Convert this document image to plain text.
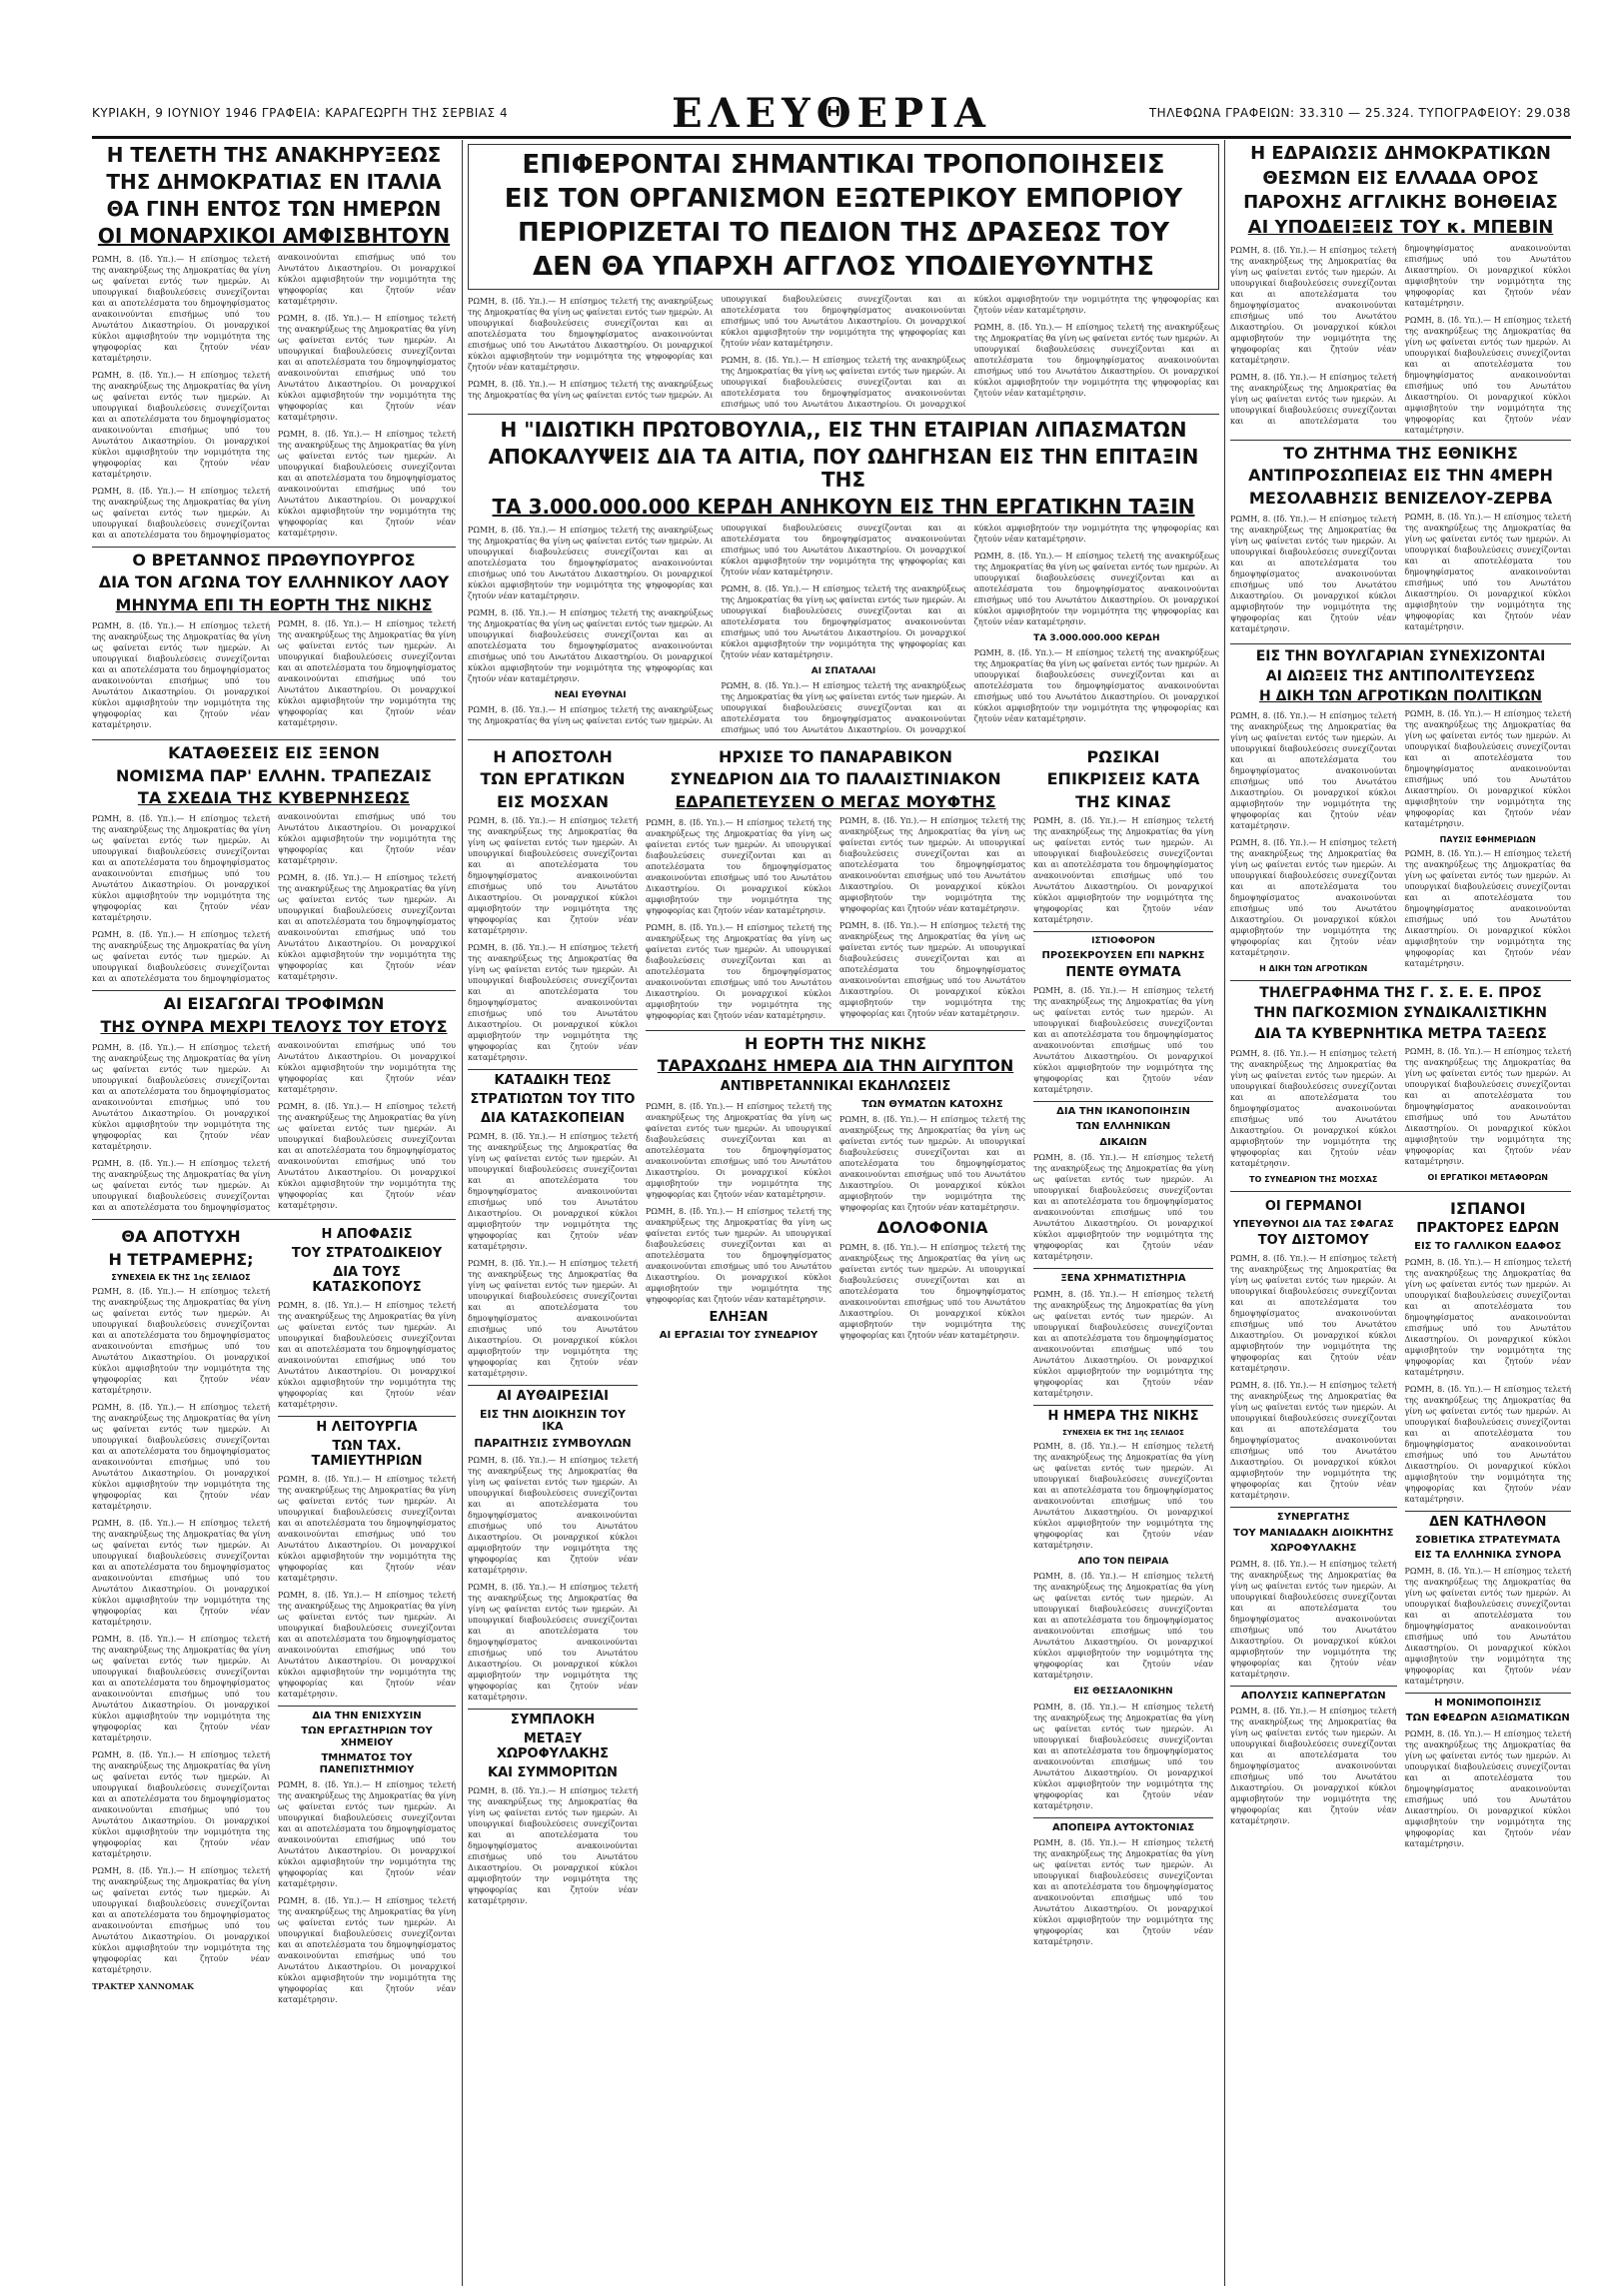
ΚΥΡΙΑΚΗ, 9 ΙΟΥΝΙΟΥ 1946 ΓΡΑΦΕΙΑ: ΚΑΡΑΓΕΩΡΓΗ ΤΗΣ ΣΕΡΒΙΑΣ 4	ΕΛΕΥΘΕΡΙΑ	ΤΗΛΕΦΩΝΑ ΓΡΑΦΕΙΩΝ: 33.310 — 25.324. ΤΥΠΟΓΡΑΦΕΙΟΥ: 29.038
Η ΤΕΛΕΤΗ ΤΗΣ ΑΝΑΚΗΡΥΞΕΩΣ
ΤΗΣ ΔΗΜΟΚΡΑΤΙΑΣ ΕΝ ΙΤΑΛΙΑ
ΘΑ ΓΙΝΗ ΕΝΤΟΣ ΤΩΝ ΗΜΕΡΩΝ
ΟΙ ΜΟΝΑΡΧΙΚΟΙ ΑΜΦΙΣΒΗΤΟΥΝ

ΡΩΜΗ, 8. (Ιδ. Υπ.).— Η επίσημος τελετή της ανακηρύξεως της Δημοκρατίας θα γίνη ως φαίνεται εντός των ημερών. Αι υπουργικαί διαβουλεύσεις συνεχίζονται και αι αποτελέσματα του δημοψηφίσματος ανακοινούνται επισήμως υπό του Ανωτάτου Δικαστηρίου. Οι μοναρχικοί κύκλοι αμφισβητούν την νομιμότητα της ψηφοφορίας και ζητούν νέαν καταμέτρησιν.

ΡΩΜΗ, 8. (Ιδ. Υπ.).— Η επίσημος τελετή της ανακηρύξεως της Δημοκρατίας θα γίνη ως φαίνεται εντός των ημερών. Αι υπουργικαί διαβουλεύσεις συνεχίζονται και αι αποτελέσματα του δημοψηφίσματος ανακοινούνται επισήμως υπό του Ανωτάτου Δικαστηρίου. Οι μοναρχικοί κύκλοι αμφισβητούν την νομιμότητα της ψηφοφορίας και ζητούν νέαν καταμέτρησιν.

ΡΩΜΗ, 8. (Ιδ. Υπ.).— Η επίσημος τελετή της ανακηρύξεως της Δημοκρατίας θα γίνη ως φαίνεται εντός των ημερών. Αι υπουργικαί διαβουλεύσεις συνεχίζονται και αι αποτελέσματα του δημοψηφίσματος ανακοινούνται επισήμως υπό του Ανωτάτου Δικαστηρίου. Οι μοναρχικοί κύκλοι αμφισβητούν την νομιμότητα της ψηφοφορίας και ζητούν νέαν καταμέτρησιν.

ΡΩΜΗ, 8. (Ιδ. Υπ.).— Η επίσημος τελετή της ανακηρύξεως της Δημοκρατίας θα γίνη ως φαίνεται εντός των ημερών. Αι υπουργικαί διαβουλεύσεις συνεχίζονται και αι αποτελέσματα του δημοψηφίσματος ανακοινούνται επισήμως υπό του Ανωτάτου Δικαστηρίου. Οι μοναρχικοί κύκλοι αμφισβητούν την νομιμότητα της ψηφοφορίας και ζητούν νέαν καταμέτρησιν.

ΡΩΜΗ, 8. (Ιδ. Υπ.).— Η επίσημος τελετή της ανακηρύξεως της Δημοκρατίας θα γίνη ως φαίνεται εντός των ημερών. Αι υπουργικαί διαβουλεύσεις συνεχίζονται και αι αποτελέσματα του δημοψηφίσματος ανακοινούνται επισήμως υπό του Ανωτάτου Δικαστηρίου. Οι μοναρχικοί κύκλοι αμφισβητούν την νομιμότητα της ψηφοφορίας και ζητούν νέαν καταμέτρησιν.

Ο ΒΡΕΤΑΝΝΟΣ ΠΡΩΘΥΠΟΥΡΓΟΣ
ΔΙΑ ΤΟΝ ΑΓΩΝΑ ΤΟΥ ΕΛΛΗΝΙΚΟΥ ΛΑΟΥ
ΜΗΝΥΜΑ ΕΠΙ ΤΗ ΕΟΡΤΗ ΤΗΣ ΝΙΚΗΣ

ΡΩΜΗ, 8. (Ιδ. Υπ.).— Η επίσημος τελετή της ανακηρύξεως της Δημοκρατίας θα γίνη ως φαίνεται εντός των ημερών. Αι υπουργικαί διαβουλεύσεις συνεχίζονται και αι αποτελέσματα του δημοψηφίσματος ανακοινούνται επισήμως υπό του Ανωτάτου Δικαστηρίου. Οι μοναρχικοί κύκλοι αμφισβητούν την νομιμότητα της ψηφοφορίας και ζητούν νέαν καταμέτρησιν.

ΡΩΜΗ, 8. (Ιδ. Υπ.).— Η επίσημος τελετή της ανακηρύξεως της Δημοκρατίας θα γίνη ως φαίνεται εντός των ημερών. Αι υπουργικαί διαβουλεύσεις συνεχίζονται και αι αποτελέσματα του δημοψηφίσματος ανακοινούνται επισήμως υπό του Ανωτάτου Δικαστηρίου. Οι μοναρχικοί κύκλοι αμφισβητούν την νομιμότητα της ψηφοφορίας και ζητούν νέαν καταμέτρησιν.

ΚΑΤΑΘΕΣΕΙΣ ΕΙΣ ΞΕΝΟΝ
ΝΟΜΙΣΜΑ ΠΑΡ' ΕΛΛΗΝ. ΤΡΑΠΕΖΑΙΣ
ΤΑ ΣΧΕΔΙΑ ΤΗΣ ΚΥΒΕΡΝΗΣΕΩΣ

ΡΩΜΗ, 8. (Ιδ. Υπ.).— Η επίσημος τελετή της ανακηρύξεως της Δημοκρατίας θα γίνη ως φαίνεται εντός των ημερών. Αι υπουργικαί διαβουλεύσεις συνεχίζονται και αι αποτελέσματα του δημοψηφίσματος ανακοινούνται επισήμως υπό του Ανωτάτου Δικαστηρίου. Οι μοναρχικοί κύκλοι αμφισβητούν την νομιμότητα της ψηφοφορίας και ζητούν νέαν καταμέτρησιν.

ΡΩΜΗ, 8. (Ιδ. Υπ.).— Η επίσημος τελετή της ανακηρύξεως της Δημοκρατίας θα γίνη ως φαίνεται εντός των ημερών. Αι υπουργικαί διαβουλεύσεις συνεχίζονται και αι αποτελέσματα του δημοψηφίσματος ανακοινούνται επισήμως υπό του Ανωτάτου Δικαστηρίου. Οι μοναρχικοί κύκλοι αμφισβητούν την νομιμότητα της ψηφοφορίας και ζητούν νέαν καταμέτρησιν.

ΡΩΜΗ, 8. (Ιδ. Υπ.).— Η επίσημος τελετή της ανακηρύξεως της Δημοκρατίας θα γίνη ως φαίνεται εντός των ημερών. Αι υπουργικαί διαβουλεύσεις συνεχίζονται και αι αποτελέσματα του δημοψηφίσματος ανακοινούνται επισήμως υπό του Ανωτάτου Δικαστηρίου. Οι μοναρχικοί κύκλοι αμφισβητούν την νομιμότητα της ψηφοφορίας και ζητούν νέαν καταμέτρησιν.

ΑΙ ΕΙΣΑΓΩΓΑΙ ΤΡΟΦΙΜΩΝ
ΤΗΣ ΟΥΝΡΑ ΜΕΧΡΙ ΤΕΛΟΥΣ ΤΟΥ ΕΤΟΥΣ

ΡΩΜΗ, 8. (Ιδ. Υπ.).— Η επίσημος τελετή της ανακηρύξεως της Δημοκρατίας θα γίνη ως φαίνεται εντός των ημερών. Αι υπουργικαί διαβουλεύσεις συνεχίζονται και αι αποτελέσματα του δημοψηφίσματος ανακοινούνται επισήμως υπό του Ανωτάτου Δικαστηρίου. Οι μοναρχικοί κύκλοι αμφισβητούν την νομιμότητα της ψηφοφορίας και ζητούν νέαν καταμέτρησιν.

ΡΩΜΗ, 8. (Ιδ. Υπ.).— Η επίσημος τελετή της ανακηρύξεως της Δημοκρατίας θα γίνη ως φαίνεται εντός των ημερών. Αι υπουργικαί διαβουλεύσεις συνεχίζονται και αι αποτελέσματα του δημοψηφίσματος ανακοινούνται επισήμως υπό του Ανωτάτου Δικαστηρίου. Οι μοναρχικοί κύκλοι αμφισβητούν την νομιμότητα της ψηφοφορίας και ζητούν νέαν καταμέτρησιν.

ΡΩΜΗ, 8. (Ιδ. Υπ.).— Η επίσημος τελετή της ανακηρύξεως της Δημοκρατίας θα γίνη ως φαίνεται εντός των ημερών. Αι υπουργικαί διαβουλεύσεις συνεχίζονται και αι αποτελέσματα του δημοψηφίσματος ανακοινούνται επισήμως υπό του Ανωτάτου Δικαστηρίου. Οι μοναρχικοί κύκλοι αμφισβητούν την νομιμότητα της ψηφοφορίας και ζητούν νέαν καταμέτρησιν.

ΘΑ ΑΠΟΤΥΧΗ
Η ΤΕΤΡΑΜΕΡΗΣ;
ΣΥΝΕΧΕΙΑ ΕΚ ΤΗΣ 1ης ΣΕΛΙΔΟΣ

ΡΩΜΗ, 8. (Ιδ. Υπ.).— Η επίσημος τελετή της ανακηρύξεως της Δημοκρατίας θα γίνη ως φαίνεται εντός των ημερών. Αι υπουργικαί διαβουλεύσεις συνεχίζονται και αι αποτελέσματα του δημοψηφίσματος ανακοινούνται επισήμως υπό του Ανωτάτου Δικαστηρίου. Οι μοναρχικοί κύκλοι αμφισβητούν την νομιμότητα της ψηφοφορίας και ζητούν νέαν καταμέτρησιν.

ΡΩΜΗ, 8. (Ιδ. Υπ.).— Η επίσημος τελετή της ανακηρύξεως της Δημοκρατίας θα γίνη ως φαίνεται εντός των ημερών. Αι υπουργικαί διαβουλεύσεις συνεχίζονται και αι αποτελέσματα του δημοψηφίσματος ανακοινούνται επισήμως υπό του Ανωτάτου Δικαστηρίου. Οι μοναρχικοί κύκλοι αμφισβητούν την νομιμότητα της ψηφοφορίας και ζητούν νέαν καταμέτρησιν.

ΡΩΜΗ, 8. (Ιδ. Υπ.).— Η επίσημος τελετή της ανακηρύξεως της Δημοκρατίας θα γίνη ως φαίνεται εντός των ημερών. Αι υπουργικαί διαβουλεύσεις συνεχίζονται και αι αποτελέσματα του δημοψηφίσματος ανακοινούνται επισήμως υπό του Ανωτάτου Δικαστηρίου. Οι μοναρχικοί κύκλοι αμφισβητούν την νομιμότητα της ψηφοφορίας και ζητούν νέαν καταμέτρησιν.

ΡΩΜΗ, 8. (Ιδ. Υπ.).— Η επίσημος τελετή της ανακηρύξεως της Δημοκρατίας θα γίνη ως φαίνεται εντός των ημερών. Αι υπουργικαί διαβουλεύσεις συνεχίζονται και αι αποτελέσματα του δημοψηφίσματος ανακοινούνται επισήμως υπό του Ανωτάτου Δικαστηρίου. Οι μοναρχικοί κύκλοι αμφισβητούν την νομιμότητα της ψηφοφορίας και ζητούν νέαν καταμέτρησιν.

ΡΩΜΗ, 8. (Ιδ. Υπ.).— Η επίσημος τελετή της ανακηρύξεως της Δημοκρατίας θα γίνη ως φαίνεται εντός των ημερών. Αι υπουργικαί διαβουλεύσεις συνεχίζονται και αι αποτελέσματα του δημοψηφίσματος ανακοινούνται επισήμως υπό του Ανωτάτου Δικαστηρίου. Οι μοναρχικοί κύκλοι αμφισβητούν την νομιμότητα της ψηφοφορίας και ζητούν νέαν καταμέτρησιν.

ΡΩΜΗ, 8. (Ιδ. Υπ.).— Η επίσημος τελετή της ανακηρύξεως της Δημοκρατίας θα γίνη ως φαίνεται εντός των ημερών. Αι υπουργικαί διαβουλεύσεις συνεχίζονται και αι αποτελέσματα του δημοψηφίσματος ανακοινούνται επισήμως υπό του Ανωτάτου Δικαστηρίου. Οι μοναρχικοί κύκλοι αμφισβητούν την νομιμότητα της ψηφοφορίας και ζητούν νέαν καταμέτρησιν.

ΤΡΑΚΤΕΡ ΧΑΝΝΟΜΑΚ
Η ΑΠΟΦΑΣΙΣ
ΤΟΥ ΣΤΡΑΤΟΔΙΚΕΙΟΥ
ΔΙΑ ΤΟΥΣ ΚΑΤΑΣΚΟΠΟΥΣ

ΡΩΜΗ, 8. (Ιδ. Υπ.).— Η επίσημος τελετή της ανακηρύξεως της Δημοκρατίας θα γίνη ως φαίνεται εντός των ημερών. Αι υπουργικαί διαβουλεύσεις συνεχίζονται και αι αποτελέσματα του δημοψηφίσματος ανακοινούνται επισήμως υπό του Ανωτάτου Δικαστηρίου. Οι μοναρχικοί κύκλοι αμφισβητούν την νομιμότητα της ψηφοφορίας και ζητούν νέαν καταμέτρησιν.

Η ΛΕΙΤΟΥΡΓΙΑ
ΤΩΝ ΤΑΧ. ΤΑΜΙΕΥΤΗΡΙΩΝ

ΡΩΜΗ, 8. (Ιδ. Υπ.).— Η επίσημος τελετή της ανακηρύξεως της Δημοκρατίας θα γίνη ως φαίνεται εντός των ημερών. Αι υπουργικαί διαβουλεύσεις συνεχίζονται και αι αποτελέσματα του δημοψηφίσματος ανακοινούνται επισήμως υπό του Ανωτάτου Δικαστηρίου. Οι μοναρχικοί κύκλοι αμφισβητούν την νομιμότητα της ψηφοφορίας και ζητούν νέαν καταμέτρησιν.

ΡΩΜΗ, 8. (Ιδ. Υπ.).— Η επίσημος τελετή της ανακηρύξεως της Δημοκρατίας θα γίνη ως φαίνεται εντός των ημερών. Αι υπουργικαί διαβουλεύσεις συνεχίζονται και αι αποτελέσματα του δημοψηφίσματος ανακοινούνται επισήμως υπό του Ανωτάτου Δικαστηρίου. Οι μοναρχικοί κύκλοι αμφισβητούν την νομιμότητα της ψηφοφορίας και ζητούν νέαν καταμέτρησιν.

ΔΙΑ ΤΗΝ ΕΝΙΣΧΥΣΙΝ
ΤΩΝ ΕΡΓΑΣΤΗΡΙΩΝ ΤΟΥ ΧΗΜΕΙΟΥ
ΤΜΗΜΑΤΟΣ ΤΟΥ ΠΑΝΕΠΙΣΤΗΜΙΟΥ

ΡΩΜΗ, 8. (Ιδ. Υπ.).— Η επίσημος τελετή της ανακηρύξεως της Δημοκρατίας θα γίνη ως φαίνεται εντός των ημερών. Αι υπουργικαί διαβουλεύσεις συνεχίζονται και αι αποτελέσματα του δημοψηφίσματος ανακοινούνται επισήμως υπό του Ανωτάτου Δικαστηρίου. Οι μοναρχικοί κύκλοι αμφισβητούν την νομιμότητα της ψηφοφορίας και ζητούν νέαν καταμέτρησιν.

ΡΩΜΗ, 8. (Ιδ. Υπ.).— Η επίσημος τελετή της ανακηρύξεως της Δημοκρατίας θα γίνη ως φαίνεται εντός των ημερών. Αι υπουργικαί διαβουλεύσεις συνεχίζονται και αι αποτελέσματα του δημοψηφίσματος ανακοινούνται επισήμως υπό του Ανωτάτου Δικαστηρίου. Οι μοναρχικοί κύκλοι αμφισβητούν την νομιμότητα της ψηφοφορίας και ζητούν νέαν καταμέτρησιν.

ΕΠΙΦΕΡΟΝΤΑΙ ΣΗΜΑΝΤΙΚΑΙ ΤΡΟΠΟΠΟΙΗΣΕΙΣ
ΕΙΣ ΤΟΝ ΟΡΓΑΝΙΣΜΟΝ ΕΞΩΤΕΡΙΚΟΥ ΕΜΠΟΡΙΟΥ
ΠΕΡΙΟΡΙΖΕΤΑΙ ΤΟ ΠΕΔΙΟΝ ΤΗΣ ΔΡΑΣΕΩΣ ΤΟΥ
ΔΕΝ ΘΑ ΥΠΑΡΧΗ ΑΓΓΛΟΣ ΥΠΟΔΙΕΥΘΥΝΤΗΣ

ΡΩΜΗ, 8. (Ιδ. Υπ.).— Η επίσημος τελετή της ανακηρύξεως της Δημοκρατίας θα γίνη ως φαίνεται εντός των ημερών. Αι υπουργικαί διαβουλεύσεις συνεχίζονται και αι αποτελέσματα του δημοψηφίσματος ανακοινούνται επισήμως υπό του Ανωτάτου Δικαστηρίου. Οι μοναρχικοί κύκλοι αμφισβητούν την νομιμότητα της ψηφοφορίας και ζητούν νέαν καταμέτρησιν.

ΡΩΜΗ, 8. (Ιδ. Υπ.).— Η επίσημος τελετή της ανακηρύξεως της Δημοκρατίας θα γίνη ως φαίνεται εντός των ημερών. Αι υπουργικαί διαβουλεύσεις συνεχίζονται και αι αποτελέσματα του δημοψηφίσματος ανακοινούνται επισήμως υπό του Ανωτάτου Δικαστηρίου. Οι μοναρχικοί κύκλοι αμφισβητούν την νομιμότητα της ψηφοφορίας και ζητούν νέαν καταμέτρησιν.

ΡΩΜΗ, 8. (Ιδ. Υπ.).— Η επίσημος τελετή της ανακηρύξεως της Δημοκρατίας θα γίνη ως φαίνεται εντός των ημερών. Αι υπουργικαί διαβουλεύσεις συνεχίζονται και αι αποτελέσματα του δημοψηφίσματος ανακοινούνται επισήμως υπό του Ανωτάτου Δικαστηρίου. Οι μοναρχικοί κύκλοι αμφισβητούν την νομιμότητα της ψηφοφορίας και ζητούν νέαν καταμέτρησιν.

ΡΩΜΗ, 8. (Ιδ. Υπ.).— Η επίσημος τελετή της ανακηρύξεως της Δημοκρατίας θα γίνη ως φαίνεται εντός των ημερών. Αι υπουργικαί διαβουλεύσεις συνεχίζονται και αι αποτελέσματα του δημοψηφίσματος ανακοινούνται επισήμως υπό του Ανωτάτου Δικαστηρίου. Οι μοναρχικοί κύκλοι αμφισβητούν την νομιμότητα της ψηφοφορίας και ζητούν νέαν καταμέτρησιν.

Η "ΙΔΙΩΤΙΚΗ ΠΡΩΤΟΒΟΥΛΙΑ,, ΕΙΣ ΤΗΝ ΕΤΑΙΡΙΑΝ ΛΙΠΑΣΜΑΤΩΝ
ΑΠΟΚΑΛΥΨΕΙΣ ΔΙΑ ΤΑ ΑΙΤΙΑ, ΠΟΥ ΩΔΗΓΗΣΑΝ ΕΙΣ ΤΗΝ ΕΠΙΤΑΞΙΝ ΤΗΣ
ΤΑ 3.000.000.000 ΚΕΡΔΗ ΑΝΗΚΟΥΝ ΕΙΣ ΤΗΝ ΕΡΓΑΤΙΚΗΝ ΤΑΞΙΝ

ΡΩΜΗ, 8. (Ιδ. Υπ.).— Η επίσημος τελετή της ανακηρύξεως της Δημοκρατίας θα γίνη ως φαίνεται εντός των ημερών. Αι υπουργικαί διαβουλεύσεις συνεχίζονται και αι αποτελέσματα του δημοψηφίσματος ανακοινούνται επισήμως υπό του Ανωτάτου Δικαστηρίου. Οι μοναρχικοί κύκλοι αμφισβητούν την νομιμότητα της ψηφοφορίας και ζητούν νέαν καταμέτρησιν.

ΡΩΜΗ, 8. (Ιδ. Υπ.).— Η επίσημος τελετή της ανακηρύξεως της Δημοκρατίας θα γίνη ως φαίνεται εντός των ημερών. Αι υπουργικαί διαβουλεύσεις συνεχίζονται και αι αποτελέσματα του δημοψηφίσματος ανακοινούνται επισήμως υπό του Ανωτάτου Δικαστηρίου. Οι μοναρχικοί κύκλοι αμφισβητούν την νομιμότητα της ψηφοφορίας και ζητούν νέαν καταμέτρησιν.

ΝΕΑΙ ΕΥΘΥΝΑΙ

ΡΩΜΗ, 8. (Ιδ. Υπ.).— Η επίσημος τελετή της ανακηρύξεως της Δημοκρατίας θα γίνη ως φαίνεται εντός των ημερών. Αι υπουργικαί διαβουλεύσεις συνεχίζονται και αι αποτελέσματα του δημοψηφίσματος ανακοινούνται επισήμως υπό του Ανωτάτου Δικαστηρίου. Οι μοναρχικοί κύκλοι αμφισβητούν την νομιμότητα της ψηφοφορίας και ζητούν νέαν καταμέτρησιν.

ΡΩΜΗ, 8. (Ιδ. Υπ.).— Η επίσημος τελετή της ανακηρύξεως της Δημοκρατίας θα γίνη ως φαίνεται εντός των ημερών. Αι υπουργικαί διαβουλεύσεις συνεχίζονται και αι αποτελέσματα του δημοψηφίσματος ανακοινούνται επισήμως υπό του Ανωτάτου Δικαστηρίου. Οι μοναρχικοί κύκλοι αμφισβητούν την νομιμότητα της ψηφοφορίας και ζητούν νέαν καταμέτρησιν.

ΑΙ ΣΠΑΤΑΛΑΙ

ΡΩΜΗ, 8. (Ιδ. Υπ.).— Η επίσημος τελετή της ανακηρύξεως της Δημοκρατίας θα γίνη ως φαίνεται εντός των ημερών. Αι υπουργικαί διαβουλεύσεις συνεχίζονται και αι αποτελέσματα του δημοψηφίσματος ανακοινούνται επισήμως υπό του Ανωτάτου Δικαστηρίου. Οι μοναρχικοί κύκλοι αμφισβητούν την νομιμότητα της ψηφοφορίας και ζητούν νέαν καταμέτρησιν.

ΡΩΜΗ, 8. (Ιδ. Υπ.).— Η επίσημος τελετή της ανακηρύξεως της Δημοκρατίας θα γίνη ως φαίνεται εντός των ημερών. Αι υπουργικαί διαβουλεύσεις συνεχίζονται και αι αποτελέσματα του δημοψηφίσματος ανακοινούνται επισήμως υπό του Ανωτάτου Δικαστηρίου. Οι μοναρχικοί κύκλοι αμφισβητούν την νομιμότητα της ψηφοφορίας και ζητούν νέαν καταμέτρησιν.

ΤΑ 3.000.000.000 ΚΕΡΔΗ

ΡΩΜΗ, 8. (Ιδ. Υπ.).— Η επίσημος τελετή της ανακηρύξεως της Δημοκρατίας θα γίνη ως φαίνεται εντός των ημερών. Αι υπουργικαί διαβουλεύσεις συνεχίζονται και αι αποτελέσματα του δημοψηφίσματος ανακοινούνται επισήμως υπό του Ανωτάτου Δικαστηρίου. Οι μοναρχικοί κύκλοι αμφισβητούν την νομιμότητα της ψηφοφορίας και ζητούν νέαν καταμέτρησιν.

Η ΑΠΟΣΤΟΛΗ
ΤΩΝ ΕΡΓΑΤΙΚΩΝ
ΕΙΣ ΜΟΣΧΑΝ

ΡΩΜΗ, 8. (Ιδ. Υπ.).— Η επίσημος τελετή της ανακηρύξεως της Δημοκρατίας θα γίνη ως φαίνεται εντός των ημερών. Αι υπουργικαί διαβουλεύσεις συνεχίζονται και αι αποτελέσματα του δημοψηφίσματος ανακοινούνται επισήμως υπό του Ανωτάτου Δικαστηρίου. Οι μοναρχικοί κύκλοι αμφισβητούν την νομιμότητα της ψηφοφορίας και ζητούν νέαν καταμέτρησιν.

ΡΩΜΗ, 8. (Ιδ. Υπ.).— Η επίσημος τελετή της ανακηρύξεως της Δημοκρατίας θα γίνη ως φαίνεται εντός των ημερών. Αι υπουργικαί διαβουλεύσεις συνεχίζονται και αι αποτελέσματα του δημοψηφίσματος ανακοινούνται επισήμως υπό του Ανωτάτου Δικαστηρίου. Οι μοναρχικοί κύκλοι αμφισβητούν την νομιμότητα της ψηφοφορίας και ζητούν νέαν καταμέτρησιν.

ΚΑΤΑΔΙΚΗ ΤΕΩΣ
ΣΤΡΑΤΙΩΤΩΝ ΤΟΥ ΤΙΤΟ
ΔΙΑ ΚΑΤΑΣΚΟΠΕΙΑΝ

ΡΩΜΗ, 8. (Ιδ. Υπ.).— Η επίσημος τελετή της ανακηρύξεως της Δημοκρατίας θα γίνη ως φαίνεται εντός των ημερών. Αι υπουργικαί διαβουλεύσεις συνεχίζονται και αι αποτελέσματα του δημοψηφίσματος ανακοινούνται επισήμως υπό του Ανωτάτου Δικαστηρίου. Οι μοναρχικοί κύκλοι αμφισβητούν την νομιμότητα της ψηφοφορίας και ζητούν νέαν καταμέτρησιν.

ΡΩΜΗ, 8. (Ιδ. Υπ.).— Η επίσημος τελετή της ανακηρύξεως της Δημοκρατίας θα γίνη ως φαίνεται εντός των ημερών. Αι υπουργικαί διαβουλεύσεις συνεχίζονται και αι αποτελέσματα του δημοψηφίσματος ανακοινούνται επισήμως υπό του Ανωτάτου Δικαστηρίου. Οι μοναρχικοί κύκλοι αμφισβητούν την νομιμότητα της ψηφοφορίας και ζητούν νέαν καταμέτρησιν.

ΑΙ ΑΥΘΑΙΡΕΣΙΑΙ
ΕΙΣ ΤΗΝ ΔΙΟΙΚΗΣΙΝ ΤΟΥ ΙΚΑ
ΠΑΡΑΙΤΗΣΙΣ ΣΥΜΒΟΥΛΩΝ

ΡΩΜΗ, 8. (Ιδ. Υπ.).— Η επίσημος τελετή της ανακηρύξεως της Δημοκρατίας θα γίνη ως φαίνεται εντός των ημερών. Αι υπουργικαί διαβουλεύσεις συνεχίζονται και αι αποτελέσματα του δημοψηφίσματος ανακοινούνται επισήμως υπό του Ανωτάτου Δικαστηρίου. Οι μοναρχικοί κύκλοι αμφισβητούν την νομιμότητα της ψηφοφορίας και ζητούν νέαν καταμέτρησιν.

ΡΩΜΗ, 8. (Ιδ. Υπ.).— Η επίσημος τελετή της ανακηρύξεως της Δημοκρατίας θα γίνη ως φαίνεται εντός των ημερών. Αι υπουργικαί διαβουλεύσεις συνεχίζονται και αι αποτελέσματα του δημοψηφίσματος ανακοινούνται επισήμως υπό του Ανωτάτου Δικαστηρίου. Οι μοναρχικοί κύκλοι αμφισβητούν την νομιμότητα της ψηφοφορίας και ζητούν νέαν καταμέτρησιν.

ΣΥΜΠΛΟΚΗ
ΜΕΤΑΞΥ ΧΩΡΟΦΥΛΑΚΗΣ
ΚΑΙ ΣΥΜΜΟΡΙΤΩΝ

ΡΩΜΗ, 8. (Ιδ. Υπ.).— Η επίσημος τελετή της ανακηρύξεως της Δημοκρατίας θα γίνη ως φαίνεται εντός των ημερών. Αι υπουργικαί διαβουλεύσεις συνεχίζονται και αι αποτελέσματα του δημοψηφίσματος ανακοινούνται επισήμως υπό του Ανωτάτου Δικαστηρίου. Οι μοναρχικοί κύκλοι αμφισβητούν την νομιμότητα της ψηφοφορίας και ζητούν νέαν καταμέτρησιν.

ΗΡΧΙΣΕ ΤΟ ΠΑΝΑΡΑΒΙΚΟΝ
ΣΥΝΕΔΡΙΟΝ ΔΙΑ ΤΟ ΠΑΛΑΙΣΤΙΝΙΑΚΟΝ
ΕΔΡΑΠΕΤΕΥΣΕΝ Ο ΜΕΓΑΣ ΜΟΥΦΤΗΣ

ΡΩΜΗ, 8. (Ιδ. Υπ.).— Η επίσημος τελετή της ανακηρύξεως της Δημοκρατίας θα γίνη ως φαίνεται εντός των ημερών. Αι υπουργικαί διαβουλεύσεις συνεχίζονται και αι αποτελέσματα του δημοψηφίσματος ανακοινούνται επισήμως υπό του Ανωτάτου Δικαστηρίου. Οι μοναρχικοί κύκλοι αμφισβητούν την νομιμότητα της ψηφοφορίας και ζητούν νέαν καταμέτρησιν.

ΡΩΜΗ, 8. (Ιδ. Υπ.).— Η επίσημος τελετή της ανακηρύξεως της Δημοκρατίας θα γίνη ως φαίνεται εντός των ημερών. Αι υπουργικαί διαβουλεύσεις συνεχίζονται και αι αποτελέσματα του δημοψηφίσματος ανακοινούνται επισήμως υπό του Ανωτάτου Δικαστηρίου. Οι μοναρχικοί κύκλοι αμφισβητούν την νομιμότητα της ψηφοφορίας και ζητούν νέαν καταμέτρησιν.

ΡΩΜΗ, 8. (Ιδ. Υπ.).— Η επίσημος τελετή της ανακηρύξεως της Δημοκρατίας θα γίνη ως φαίνεται εντός των ημερών. Αι υπουργικαί διαβουλεύσεις συνεχίζονται και αι αποτελέσματα του δημοψηφίσματος ανακοινούνται επισήμως υπό του Ανωτάτου Δικαστηρίου. Οι μοναρχικοί κύκλοι αμφισβητούν την νομιμότητα της ψηφοφορίας και ζητούν νέαν καταμέτρησιν.

ΡΩΜΗ, 8. (Ιδ. Υπ.).— Η επίσημος τελετή της ανακηρύξεως της Δημοκρατίας θα γίνη ως φαίνεται εντός των ημερών. Αι υπουργικαί διαβουλεύσεις συνεχίζονται και αι αποτελέσματα του δημοψηφίσματος ανακοινούνται επισήμως υπό του Ανωτάτου Δικαστηρίου. Οι μοναρχικοί κύκλοι αμφισβητούν την νομιμότητα της ψηφοφορίας και ζητούν νέαν καταμέτρησιν.

Η ΕΟΡΤΗ ΤΗΣ ΝΙΚΗΣ
ΤΑΡΑΧΩΔΗΣ ΗΜΕΡΑ ΔΙΑ ΤΗΝ ΑΙΓΥΠΤΟΝ
ΑΝΤΙΒΡΕΤΑΝΝΙΚΑΙ ΕΚΔΗΛΩΣΕΙΣ

ΡΩΜΗ, 8. (Ιδ. Υπ.).— Η επίσημος τελετή της ανακηρύξεως της Δημοκρατίας θα γίνη ως φαίνεται εντός των ημερών. Αι υπουργικαί διαβουλεύσεις συνεχίζονται και αι αποτελέσματα του δημοψηφίσματος ανακοινούνται επισήμως υπό του Ανωτάτου Δικαστηρίου. Οι μοναρχικοί κύκλοι αμφισβητούν την νομιμότητα της ψηφοφορίας και ζητούν νέαν καταμέτρησιν.

ΡΩΜΗ, 8. (Ιδ. Υπ.).— Η επίσημος τελετή της ανακηρύξεως της Δημοκρατίας θα γίνη ως φαίνεται εντός των ημερών. Αι υπουργικαί διαβουλεύσεις συνεχίζονται και αι αποτελέσματα του δημοψηφίσματος ανακοινούνται επισήμως υπό του Ανωτάτου Δικαστηρίου. Οι μοναρχικοί κύκλοι αμφισβητούν την νομιμότητα της ψηφοφορίας και ζητούν νέαν καταμέτρησιν.

ΕΛΗΞΑΝ
ΑΙ ΕΡΓΑΣΙΑΙ ΤΟΥ ΣΥΝΕΔΡΙΟΥ
ΤΩΝ ΘΥΜΑΤΩΝ ΚΑΤΟΧΗΣ

ΡΩΜΗ, 8. (Ιδ. Υπ.).— Η επίσημος τελετή της ανακηρύξεως της Δημοκρατίας θα γίνη ως φαίνεται εντός των ημερών. Αι υπουργικαί διαβουλεύσεις συνεχίζονται και αι αποτελέσματα του δημοψηφίσματος ανακοινούνται επισήμως υπό του Ανωτάτου Δικαστηρίου. Οι μοναρχικοί κύκλοι αμφισβητούν την νομιμότητα της ψηφοφορίας και ζητούν νέαν καταμέτρησιν.

ΔΟΛΟΦΟΝΙΑ

ΡΩΜΗ, 8. (Ιδ. Υπ.).— Η επίσημος τελετή της ανακηρύξεως της Δημοκρατίας θα γίνη ως φαίνεται εντός των ημερών. Αι υπουργικαί διαβουλεύσεις συνεχίζονται και αι αποτελέσματα του δημοψηφίσματος ανακοινούνται επισήμως υπό του Ανωτάτου Δικαστηρίου. Οι μοναρχικοί κύκλοι αμφισβητούν την νομιμότητα της ψηφοφορίας και ζητούν νέαν καταμέτρησιν.

ΡΩΣΙΚΑΙ
ΕΠΙΚΡΙΣΕΙΣ ΚΑΤΑ
ΤΗΣ ΚΙΝΑΣ

ΡΩΜΗ, 8. (Ιδ. Υπ.).— Η επίσημος τελετή της ανακηρύξεως της Δημοκρατίας θα γίνη ως φαίνεται εντός των ημερών. Αι υπουργικαί διαβουλεύσεις συνεχίζονται και αι αποτελέσματα του δημοψηφίσματος ανακοινούνται επισήμως υπό του Ανωτάτου Δικαστηρίου. Οι μοναρχικοί κύκλοι αμφισβητούν την νομιμότητα της ψηφοφορίας και ζητούν νέαν καταμέτρησιν.

ΙΣΤΙΟΦΟΡΟΝ
ΠΡΟΣΕΚΡΟΥΣΕΝ ΕΠΙ ΝΑΡΚΗΣ
ΠΕΝΤΕ ΘΥΜΑΤΑ

ΡΩΜΗ, 8. (Ιδ. Υπ.).— Η επίσημος τελετή της ανακηρύξεως της Δημοκρατίας θα γίνη ως φαίνεται εντός των ημερών. Αι υπουργικαί διαβουλεύσεις συνεχίζονται και αι αποτελέσματα του δημοψηφίσματος ανακοινούνται επισήμως υπό του Ανωτάτου Δικαστηρίου. Οι μοναρχικοί κύκλοι αμφισβητούν την νομιμότητα της ψηφοφορίας και ζητούν νέαν καταμέτρησιν.

ΔΙΑ ΤΗΝ ΙΚΑΝΟΠΟΙΗΣΙΝ
ΤΩΝ ΕΛΛΗΝΙΚΩΝ
ΔΙΚΑΙΩΝ

ΡΩΜΗ, 8. (Ιδ. Υπ.).— Η επίσημος τελετή της ανακηρύξεως της Δημοκρατίας θα γίνη ως φαίνεται εντός των ημερών. Αι υπουργικαί διαβουλεύσεις συνεχίζονται και αι αποτελέσματα του δημοψηφίσματος ανακοινούνται επισήμως υπό του Ανωτάτου Δικαστηρίου. Οι μοναρχικοί κύκλοι αμφισβητούν την νομιμότητα της ψηφοφορίας και ζητούν νέαν καταμέτρησιν.

ΞΕΝΑ ΧΡΗΜΑΤΙΣΤΗΡΙΑ

ΡΩΜΗ, 8. (Ιδ. Υπ.).— Η επίσημος τελετή της ανακηρύξεως της Δημοκρατίας θα γίνη ως φαίνεται εντός των ημερών. Αι υπουργικαί διαβουλεύσεις συνεχίζονται και αι αποτελέσματα του δημοψηφίσματος ανακοινούνται επισήμως υπό του Ανωτάτου Δικαστηρίου. Οι μοναρχικοί κύκλοι αμφισβητούν την νομιμότητα της ψηφοφορίας και ζητούν νέαν καταμέτρησιν.

Η ΗΜΕΡΑ ΤΗΣ ΝΙΚΗΣ
ΣΥΝΕΧΕΙΑ ΕΚ ΤΗΣ 1ης ΣΕΛΙΔΟΣ

ΡΩΜΗ, 8. (Ιδ. Υπ.).— Η επίσημος τελετή της ανακηρύξεως της Δημοκρατίας θα γίνη ως φαίνεται εντός των ημερών. Αι υπουργικαί διαβουλεύσεις συνεχίζονται και αι αποτελέσματα του δημοψηφίσματος ανακοινούνται επισήμως υπό του Ανωτάτου Δικαστηρίου. Οι μοναρχικοί κύκλοι αμφισβητούν την νομιμότητα της ψηφοφορίας και ζητούν νέαν καταμέτρησιν.

ΑΠΟ ΤΟΝ ΠΕΙΡΑΙΑ

ΡΩΜΗ, 8. (Ιδ. Υπ.).— Η επίσημος τελετή της ανακηρύξεως της Δημοκρατίας θα γίνη ως φαίνεται εντός των ημερών. Αι υπουργικαί διαβουλεύσεις συνεχίζονται και αι αποτελέσματα του δημοψηφίσματος ανακοινούνται επισήμως υπό του Ανωτάτου Δικαστηρίου. Οι μοναρχικοί κύκλοι αμφισβητούν την νομιμότητα της ψηφοφορίας και ζητούν νέαν καταμέτρησιν.

ΕΙΣ ΘΕΣΣΑΛΟΝΙΚΗΝ

ΡΩΜΗ, 8. (Ιδ. Υπ.).— Η επίσημος τελετή της ανακηρύξεως της Δημοκρατίας θα γίνη ως φαίνεται εντός των ημερών. Αι υπουργικαί διαβουλεύσεις συνεχίζονται και αι αποτελέσματα του δημοψηφίσματος ανακοινούνται επισήμως υπό του Ανωτάτου Δικαστηρίου. Οι μοναρχικοί κύκλοι αμφισβητούν την νομιμότητα της ψηφοφορίας και ζητούν νέαν καταμέτρησιν.

ΑΠΟΠΕΙΡΑ ΑΥΤΟΚΤΟΝΙΑΣ

ΡΩΜΗ, 8. (Ιδ. Υπ.).— Η επίσημος τελετή της ανακηρύξεως της Δημοκρατίας θα γίνη ως φαίνεται εντός των ημερών. Αι υπουργικαί διαβουλεύσεις συνεχίζονται και αι αποτελέσματα του δημοψηφίσματος ανακοινούνται επισήμως υπό του Ανωτάτου Δικαστηρίου. Οι μοναρχικοί κύκλοι αμφισβητούν την νομιμότητα της ψηφοφορίας και ζητούν νέαν καταμέτρησιν.

Η ΕΔΡΑΙΩΣΙΣ ΔΗΜΟΚΡΑΤΙΚΩΝ
ΘΕΣΜΩΝ ΕΙΣ ΕΛΛΑΔΑ ΟΡΟΣ
ΠΑΡΟΧΗΣ ΑΓΓΛΙΚΗΣ ΒΟΗΘΕΙΑΣ
ΑΙ ΥΠΟΔΕΙΞΕΙΣ ΤΟΥ κ. ΜΠΕΒΙΝ

ΡΩΜΗ, 8. (Ιδ. Υπ.).— Η επίσημος τελετή της ανακηρύξεως της Δημοκρατίας θα γίνη ως φαίνεται εντός των ημερών. Αι υπουργικαί διαβουλεύσεις συνεχίζονται και αι αποτελέσματα του δημοψηφίσματος ανακοινούνται επισήμως υπό του Ανωτάτου Δικαστηρίου. Οι μοναρχικοί κύκλοι αμφισβητούν την νομιμότητα της ψηφοφορίας και ζητούν νέαν καταμέτρησιν.

ΡΩΜΗ, 8. (Ιδ. Υπ.).— Η επίσημος τελετή της ανακηρύξεως της Δημοκρατίας θα γίνη ως φαίνεται εντός των ημερών. Αι υπουργικαί διαβουλεύσεις συνεχίζονται και αι αποτελέσματα του δημοψηφίσματος ανακοινούνται επισήμως υπό του Ανωτάτου Δικαστηρίου. Οι μοναρχικοί κύκλοι αμφισβητούν την νομιμότητα της ψηφοφορίας και ζητούν νέαν καταμέτρησιν.

ΡΩΜΗ, 8. (Ιδ. Υπ.).— Η επίσημος τελετή της ανακηρύξεως της Δημοκρατίας θα γίνη ως φαίνεται εντός των ημερών. Αι υπουργικαί διαβουλεύσεις συνεχίζονται και αι αποτελέσματα του δημοψηφίσματος ανακοινούνται επισήμως υπό του Ανωτάτου Δικαστηρίου. Οι μοναρχικοί κύκλοι αμφισβητούν την νομιμότητα της ψηφοφορίας και ζητούν νέαν καταμέτρησιν.

ΤΟ ΖΗΤΗΜΑ ΤΗΣ ΕΘΝΙΚΗΣ
ΑΝΤΙΠΡΟΣΩΠΕΙΑΣ ΕΙΣ ΤΗΝ 4ΜΕΡΗ
ΜΕΣΟΛΑΒΗΣΙΣ ΒΕΝΙΖΕΛΟΥ-ΖΕΡΒΑ

ΡΩΜΗ, 8. (Ιδ. Υπ.).— Η επίσημος τελετή της ανακηρύξεως της Δημοκρατίας θα γίνη ως φαίνεται εντός των ημερών. Αι υπουργικαί διαβουλεύσεις συνεχίζονται και αι αποτελέσματα του δημοψηφίσματος ανακοινούνται επισήμως υπό του Ανωτάτου Δικαστηρίου. Οι μοναρχικοί κύκλοι αμφισβητούν την νομιμότητα της ψηφοφορίας και ζητούν νέαν καταμέτρησιν.

ΡΩΜΗ, 8. (Ιδ. Υπ.).— Η επίσημος τελετή της ανακηρύξεως της Δημοκρατίας θα γίνη ως φαίνεται εντός των ημερών. Αι υπουργικαί διαβουλεύσεις συνεχίζονται και αι αποτελέσματα του δημοψηφίσματος ανακοινούνται επισήμως υπό του Ανωτάτου Δικαστηρίου. Οι μοναρχικοί κύκλοι αμφισβητούν την νομιμότητα της ψηφοφορίας και ζητούν νέαν καταμέτρησιν.

ΕΙΣ ΤΗΝ ΒΟΥΛΓΑΡΙΑΝ ΣΥΝΕΧΙΖΟΝΤΑΙ
ΑΙ ΔΙΩΞΕΙΣ ΤΗΣ ΑΝΤΙΠΟΛΙΤΕΥΣΕΩΣ
Η ΔΙΚΗ ΤΩΝ ΑΓΡΟΤΙΚΩΝ ΠΟΛΙΤΙΚΩΝ

ΡΩΜΗ, 8. (Ιδ. Υπ.).— Η επίσημος τελετή της ανακηρύξεως της Δημοκρατίας θα γίνη ως φαίνεται εντός των ημερών. Αι υπουργικαί διαβουλεύσεις συνεχίζονται και αι αποτελέσματα του δημοψηφίσματος ανακοινούνται επισήμως υπό του Ανωτάτου Δικαστηρίου. Οι μοναρχικοί κύκλοι αμφισβητούν την νομιμότητα της ψηφοφορίας και ζητούν νέαν καταμέτρησιν.

ΡΩΜΗ, 8. (Ιδ. Υπ.).— Η επίσημος τελετή της ανακηρύξεως της Δημοκρατίας θα γίνη ως φαίνεται εντός των ημερών. Αι υπουργικαί διαβουλεύσεις συνεχίζονται και αι αποτελέσματα του δημοψηφίσματος ανακοινούνται επισήμως υπό του Ανωτάτου Δικαστηρίου. Οι μοναρχικοί κύκλοι αμφισβητούν την νομιμότητα της ψηφοφορίας και ζητούν νέαν καταμέτρησιν.

Η ΔΙΚΗ ΤΩΝ ΑΓΡΟΤΙΚΩΝ

ΡΩΜΗ, 8. (Ιδ. Υπ.).— Η επίσημος τελετή της ανακηρύξεως της Δημοκρατίας θα γίνη ως φαίνεται εντός των ημερών. Αι υπουργικαί διαβουλεύσεις συνεχίζονται και αι αποτελέσματα του δημοψηφίσματος ανακοινούνται επισήμως υπό του Ανωτάτου Δικαστηρίου. Οι μοναρχικοί κύκλοι αμφισβητούν την νομιμότητα της ψηφοφορίας και ζητούν νέαν καταμέτρησιν.

ΠΑΥΣΙΣ ΕΦΗΜΕΡΙΔΩΝ

ΡΩΜΗ, 8. (Ιδ. Υπ.).— Η επίσημος τελετή της ανακηρύξεως της Δημοκρατίας θα γίνη ως φαίνεται εντός των ημερών. Αι υπουργικαί διαβουλεύσεις συνεχίζονται και αι αποτελέσματα του δημοψηφίσματος ανακοινούνται επισήμως υπό του Ανωτάτου Δικαστηρίου. Οι μοναρχικοί κύκλοι αμφισβητούν την νομιμότητα της ψηφοφορίας και ζητούν νέαν καταμέτρησιν.

ΤΗΛΕΓΡΑΦΗΜΑ ΤΗΣ Γ. Σ. Ε. Ε. ΠΡΟΣ
ΤΗΝ ΠΑΓΚΟΣΜΙΟΝ ΣΥΝΔΙΚΑΛΙΣΤΙΚΗΝ
ΔΙΑ ΤΑ ΚΥΒΕΡΝΗΤΙΚΑ ΜΕΤΡΑ ΤΑΞΕΩΣ

ΡΩΜΗ, 8. (Ιδ. Υπ.).— Η επίσημος τελετή της ανακηρύξεως της Δημοκρατίας θα γίνη ως φαίνεται εντός των ημερών. Αι υπουργικαί διαβουλεύσεις συνεχίζονται και αι αποτελέσματα του δημοψηφίσματος ανακοινούνται επισήμως υπό του Ανωτάτου Δικαστηρίου. Οι μοναρχικοί κύκλοι αμφισβητούν την νομιμότητα της ψηφοφορίας και ζητούν νέαν καταμέτρησιν.

ΤΟ ΣΥΝΕΔΡΙΟΝ ΤΗΣ ΜΟΣΧΑΣ

ΡΩΜΗ, 8. (Ιδ. Υπ.).— Η επίσημος τελετή της ανακηρύξεως της Δημοκρατίας θα γίνη ως φαίνεται εντός των ημερών. Αι υπουργικαί διαβουλεύσεις συνεχίζονται και αι αποτελέσματα του δημοψηφίσματος ανακοινούνται επισήμως υπό του Ανωτάτου Δικαστηρίου. Οι μοναρχικοί κύκλοι αμφισβητούν την νομιμότητα της ψηφοφορίας και ζητούν νέαν καταμέτρησιν.

ΟΙ ΕΡΓΑΤΙΚΟΙ ΜΕΤΑΦΟΡΩΝ
ΟΙ ΓΕΡΜΑΝΟΙ
ΥΠΕΥΘΥΝΟΙ ΔΙΑ ΤΑΣ ΣΦΑΓΑΣ
ΤΟΥ ΔΙΣΤΟΜΟΥ

ΡΩΜΗ, 8. (Ιδ. Υπ.).— Η επίσημος τελετή της ανακηρύξεως της Δημοκρατίας θα γίνη ως φαίνεται εντός των ημερών. Αι υπουργικαί διαβουλεύσεις συνεχίζονται και αι αποτελέσματα του δημοψηφίσματος ανακοινούνται επισήμως υπό του Ανωτάτου Δικαστηρίου. Οι μοναρχικοί κύκλοι αμφισβητούν την νομιμότητα της ψηφοφορίας και ζητούν νέαν καταμέτρησιν.

ΡΩΜΗ, 8. (Ιδ. Υπ.).— Η επίσημος τελετή της ανακηρύξεως της Δημοκρατίας θα γίνη ως φαίνεται εντός των ημερών. Αι υπουργικαί διαβουλεύσεις συνεχίζονται και αι αποτελέσματα του δημοψηφίσματος ανακοινούνται επισήμως υπό του Ανωτάτου Δικαστηρίου. Οι μοναρχικοί κύκλοι αμφισβητούν την νομιμότητα της ψηφοφορίας και ζητούν νέαν καταμέτρησιν.

ΣΥΝΕΡΓΑΤΗΣ
ΤΟΥ ΜΑΝΙΑΔΑΚΗ ΔΙΟΙΚΗΤΗΣ
ΧΩΡΟΦΥΛΑΚΗΣ

ΡΩΜΗ, 8. (Ιδ. Υπ.).— Η επίσημος τελετή της ανακηρύξεως της Δημοκρατίας θα γίνη ως φαίνεται εντός των ημερών. Αι υπουργικαί διαβουλεύσεις συνεχίζονται και αι αποτελέσματα του δημοψηφίσματος ανακοινούνται επισήμως υπό του Ανωτάτου Δικαστηρίου. Οι μοναρχικοί κύκλοι αμφισβητούν την νομιμότητα της ψηφοφορίας και ζητούν νέαν καταμέτρησιν.

ΑΠΟΛΥΣΙΣ ΚΑΠΝΕΡΓΑΤΩΝ

ΡΩΜΗ, 8. (Ιδ. Υπ.).— Η επίσημος τελετή της ανακηρύξεως της Δημοκρατίας θα γίνη ως φαίνεται εντός των ημερών. Αι υπουργικαί διαβουλεύσεις συνεχίζονται και αι αποτελέσματα του δημοψηφίσματος ανακοινούνται επισήμως υπό του Ανωτάτου Δικαστηρίου. Οι μοναρχικοί κύκλοι αμφισβητούν την νομιμότητα της ψηφοφορίας και ζητούν νέαν καταμέτρησιν.

ΙΣΠΑΝΟΙ
ΠΡΑΚΤΟΡΕΣ ΕΔΡΩΝ
ΕΙΣ ΤΟ ΓΑΛΛΙΚΟΝ ΕΔΑΦΟΣ

ΡΩΜΗ, 8. (Ιδ. Υπ.).— Η επίσημος τελετή της ανακηρύξεως της Δημοκρατίας θα γίνη ως φαίνεται εντός των ημερών. Αι υπουργικαί διαβουλεύσεις συνεχίζονται και αι αποτελέσματα του δημοψηφίσματος ανακοινούνται επισήμως υπό του Ανωτάτου Δικαστηρίου. Οι μοναρχικοί κύκλοι αμφισβητούν την νομιμότητα της ψηφοφορίας και ζητούν νέαν καταμέτρησιν.

ΡΩΜΗ, 8. (Ιδ. Υπ.).— Η επίσημος τελετή της ανακηρύξεως της Δημοκρατίας θα γίνη ως φαίνεται εντός των ημερών. Αι υπουργικαί διαβουλεύσεις συνεχίζονται και αι αποτελέσματα του δημοψηφίσματος ανακοινούνται επισήμως υπό του Ανωτάτου Δικαστηρίου. Οι μοναρχικοί κύκλοι αμφισβητούν την νομιμότητα της ψηφοφορίας και ζητούν νέαν καταμέτρησιν.

ΔΕΝ ΚΑΤΗΛΘΟΝ
ΣΟΒΙΕΤΙΚΑ ΣΤΡΑΤΕΥΜΑΤΑ
ΕΙΣ ΤΑ ΕΛΛΗΝΙΚΑ ΣΥΝΟΡΑ

ΡΩΜΗ, 8. (Ιδ. Υπ.).— Η επίσημος τελετή της ανακηρύξεως της Δημοκρατίας θα γίνη ως φαίνεται εντός των ημερών. Αι υπουργικαί διαβουλεύσεις συνεχίζονται και αι αποτελέσματα του δημοψηφίσματος ανακοινούνται επισήμως υπό του Ανωτάτου Δικαστηρίου. Οι μοναρχικοί κύκλοι αμφισβητούν την νομιμότητα της ψηφοφορίας και ζητούν νέαν καταμέτρησιν.

Η ΜΟΝΙΜΟΠΟΙΗΣΙΣ
ΤΩΝ ΕΦΕΔΡΩΝ ΑΞΙΩΜΑΤΙΚΩΝ

ΡΩΜΗ, 8. (Ιδ. Υπ.).— Η επίσημος τελετή της ανακηρύξεως της Δημοκρατίας θα γίνη ως φαίνεται εντός των ημερών. Αι υπουργικαί διαβουλεύσεις συνεχίζονται και αι αποτελέσματα του δημοψηφίσματος ανακοινούνται επισήμως υπό του Ανωτάτου Δικαστηρίου. Οι μοναρχικοί κύκλοι αμφισβητούν την νομιμότητα της ψηφοφορίας και ζητούν νέαν καταμέτρησιν.
